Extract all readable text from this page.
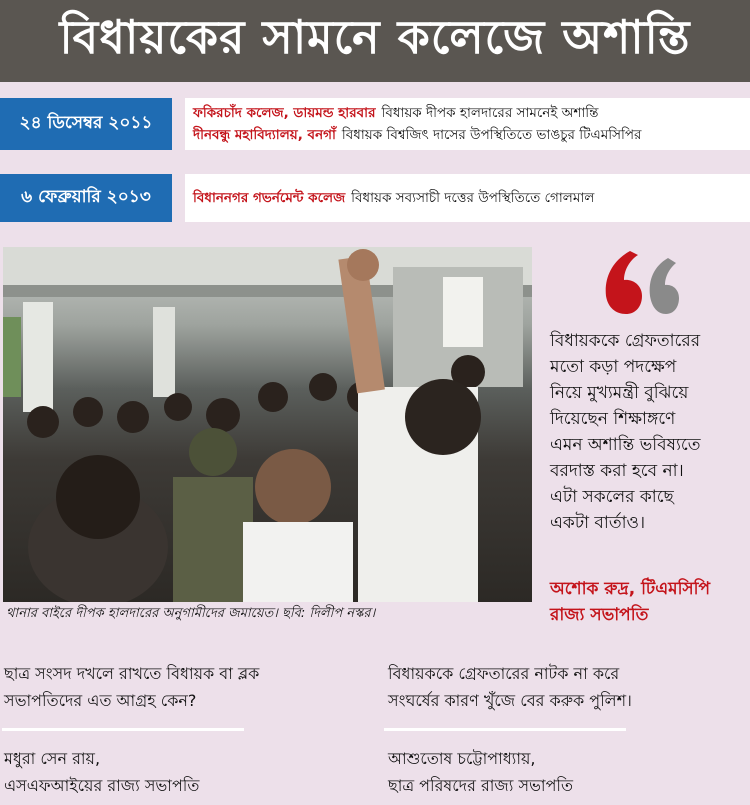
বিধায়কের সামনে কলেজে অশান্তি
২৪ ডিসেম্বর ২০১১	ফকিরচাঁদ কলেজ, ডায়মন্ড হারবার বিধায়ক দীপক হালদারের সামনেই অশান্তি
দীনবন্ধু মহাবিদ্যালয়, বনগাঁ বিধায়ক বিশ্বজিৎ দাসের উপস্থিতিতে ভাঙচুর টিএমসিপির
৬ ফেব্রুয়ারি ২০১৩	বিধাননগর গভর্নমেন্ট কলেজ বিধায়ক সব্যসাচী দত্তের উপস্থিতিতে গোলমাল
থানার বাইরে দীপক হালদারের অনুগামীদের জমায়েত। ছবি: দিলীপ নস্কর।
বিধায়ককে গ্রেফতারের
মতো কড়া পদক্ষেপ
নিয়ে মুখ্যমন্ত্রী বুঝিয়ে
দিয়েছেন শিক্ষাঙ্গণে
এমন অশান্তি ভবিষ্যতে
বরদাস্ত করা হবে না।
এটা সকলের কাছে
একটা বার্তাও।
অশোক রুদ্র, টিএমসিপি
রাজ্য সভাপতি
ছাত্র সংসদ দখলে রাখতে বিধায়ক বা ব্লক
সভাপতিদের এত আগ্রহ কেন?
মধুরা সেন রায়,
এসএফআইয়ের রাজ্য সভাপতি
বিধায়ককে গ্রেফতারের নাটক না করে
সংঘর্ষের কারণ খুঁজে বের করুক পুলিশ।
আশুতোষ চট্টোপাধ্যায়,
ছাত্র পরিষদের রাজ্য সভাপতি
